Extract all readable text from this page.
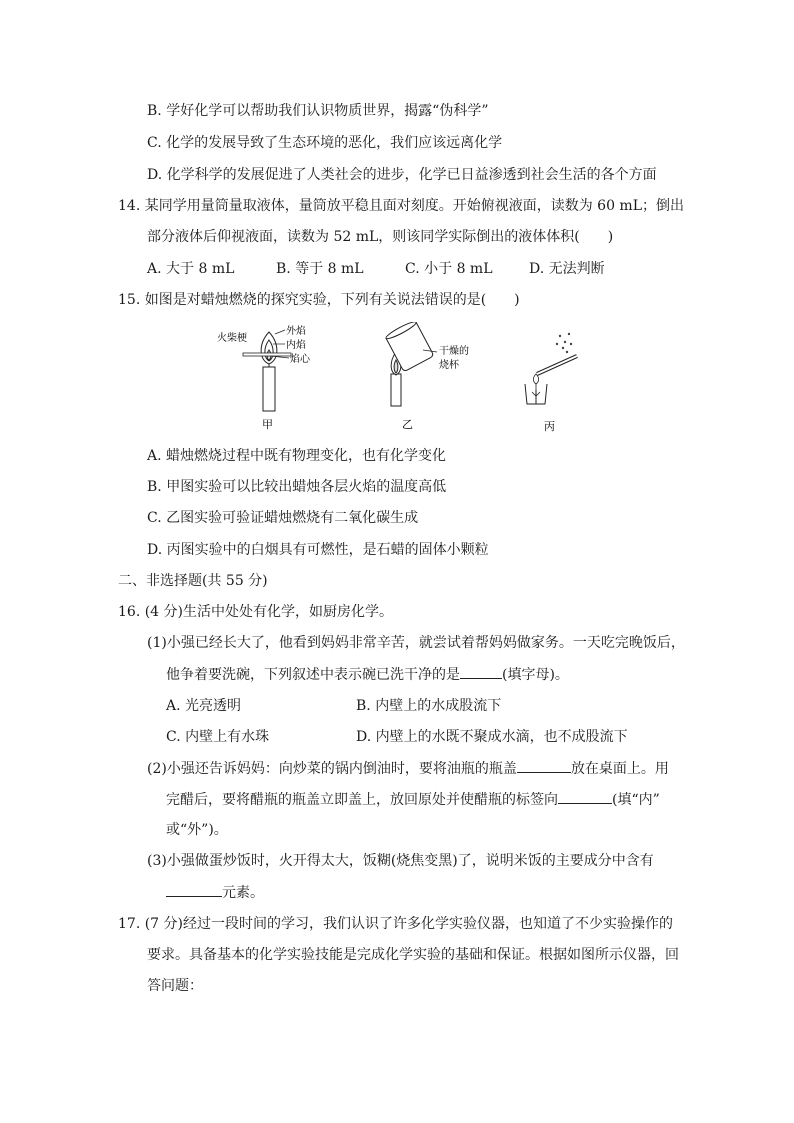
B. 学好化学可以帮助我们认识物质世界，揭露“伪科学”
C. 化学的发展导致了生态环境的恶化，我们应该远离化学
D. 化学科学的发展促进了人类社会的进步，化学已日益渗透到社会生活的各个方面
14. 某同学用量筒量取液体，量筒放平稳且面对刻度。开始俯视液面，读数为 60 mL；倒出
部分液体后仰视液面，读数为 52 mL，则该同学实际倒出的液体体积(　　)
A. 大于 8 mL	B. 等于 8 mL	C. 小于 8 mL	D. 无法判断
15. 如图是对蜡烛燃烧的探究实验，下列有关说法错误的是(　　)
火柴梗
外焰
内焰
焰心
甲
干燥的
烧杯
乙	丙
A. 蜡烛燃烧过程中既有物理变化，也有化学变化
B. 甲图实验可以比较出蜡烛各层火焰的温度高低
C. 乙图实验可验证蜡烛燃烧有二氧化碳生成
D. 丙图实验中的白烟具有可燃性，是石蜡的固体小颗粒
二、非选择题(共 55 分)
16. (4 分)生活中处处有化学，如厨房化学。
(1)小强已经长大了，他看到妈妈非常辛苦，就尝试着帮妈妈做家务。一天吃完晚饭后，
他争着要洗碗，下列叙述中表示碗已洗干净的是	(填字母)。
A. 光亮透明	B. 内壁上的水成股流下
C. 内壁上有水珠	D. 内壁上的水既不聚成水滴，也不成股流下
(2)小强还告诉妈妈：向炒菜的锅内倒油时，要将油瓶的瓶盖	放在桌面上。用
完醋后，要将醋瓶的瓶盖立即盖上，放回原处并使醋瓶的标签向	(填“内”
或“外”)。
(3)小强做蛋炒饭时，火开得太大，饭糊(烧焦变黑)了，说明米饭的主要成分中含有
元素。
17. (7 分)经过一段时间的学习，我们认识了许多化学实验仪器，也知道了不少实验操作的
要求。具备基本的化学实验技能是完成化学实验的基础和保证。根据如图所示仪器，回
答问题：
